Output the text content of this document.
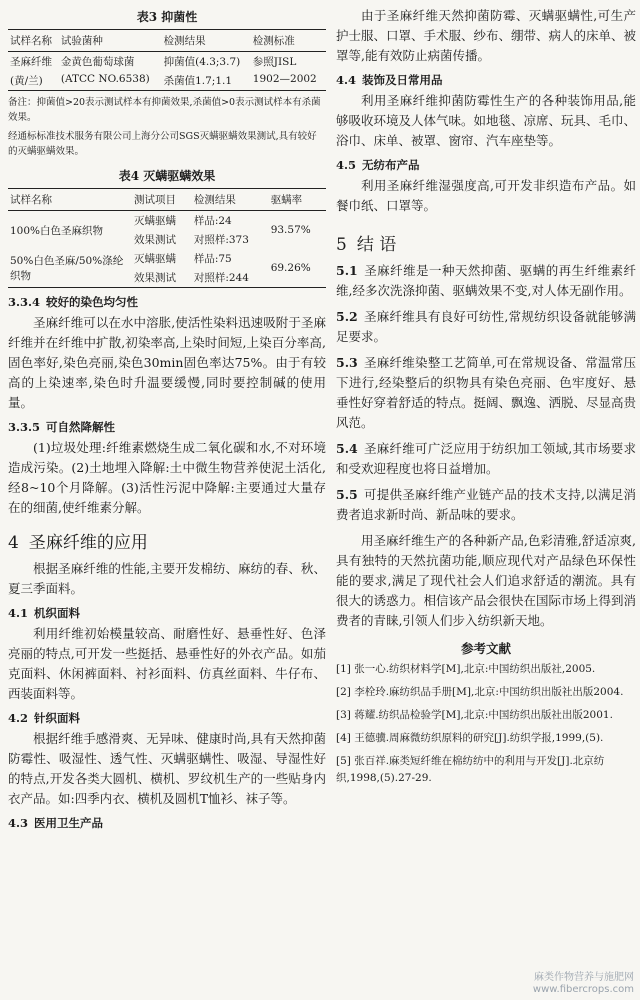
表3 抑菌性
试样名称	试验菌种	检测结果	检测标准
圣麻纤维	金黄色葡萄球菌	抑菌值(4.3;3.7)	参照JISL
(黄/兰)	(ATCC NO.6538)	杀菌值1.7;1.1	1902—2002
备注：抑菌值>20表示测试样本有抑菌效果,杀菌值>0表示测试样本有杀菌效果。
经通标标准技术服务有限公司上海分公司SGS灭螨驱螨效果测试,具有较好的灭螨驱螨效果。
表4 灭螨驱螨效果
试样名称	测试项目	检测结果	驱螨率
100%白色圣麻织物	灭螨驱螨	样品:24	93.57%
	效果测试	对照样:373	
50%白色圣麻/50%涤纶织物	灭螨驱螨	样品:75	69.26%
	效果测试	对照样:244	
3.3.4 较好的染色均匀性

圣麻纤维可以在水中溶胀,使活性染料迅速吸附于圣麻纤维并在纤维中扩散,初染率高,上染时间短,上染百分率高,固色率好,染色亮丽,染色30min固色率达75%。由于有较高的上染速率,染色时升温要缓慢,同时要控制碱的使用量。

3.3.5 可自然降解性

(1)垃圾处理:纤维素燃烧生成二氧化碳和水,不对环境造成污染。(2)土地埋入降解:土中微生物营养使泥土活化,经8~10个月降解。(3)活性污泥中降解:主要通过大量存在的细菌,使纤维素分解。

4 圣麻纤维的应用

根据圣麻纤维的性能,主要开发棉纺、麻纺的春、秋、夏三季面料。

4.1 机织面料

利用纤维初始模量较高、耐磨性好、悬垂性好、色泽亮丽的特点,可开发一些挺括、悬垂性好的外衣产品。如茄克面料、休闲裤面料、衬衫面料、仿真丝面料、牛仔布、西装面料等。

4.2 针织面料

根据纤维手感滑爽、无异味、健康时尚,具有天然抑菌防霉性、吸湿性、透气性、灭螨驱螨性、吸湿、导湿性好的特点,开发各类大圆机、横机、罗纹机生产的一些贴身内衣产品。如:四季内衣、横机及圆机T恤衫、袜子等。

4.3 医用卫生产品

由于圣麻纤维天然抑菌防霉、灭螨驱螨性,可生产护士服、口罩、手术服、纱布、绷带、病人的床单、被罩等,能有效防止病菌传播。

4.4 装饰及日常用品

利用圣麻纤维抑菌防霉性生产的各种装饰用品,能够吸收环境及人体气味。如地毯、凉席、玩具、毛巾、浴巾、床单、被罩、窗帘、汽车座垫等。

4.5 无纺布产品

利用圣麻纤维湿强度高,可开发非织造布产品。如餐巾纸、口罩等。

5 结 语
5.1 圣麻纤维是一种天然抑菌、驱螨的再生纤维素纤维,经多次洗涤抑菌、驱螨效果不变,对人体无副作用。
5.2 圣麻纤维具有良好可纺性,常规纺织设备就能够满足要求。
5.3 圣麻纤维染整工艺简单,可在常规设备、常温常压下进行,经染整后的织物具有染色亮丽、色牢度好、悬垂性好穿着舒适的特点。挺阔、飘逸、洒脱、尽显高贵风范。
5.4 圣麻纤维可广泛应用于纺织加工领域,其市场要求和受欢迎程度也将日益增加。
5.5 可提供圣麻纤维产业链产品的技术支持,以满足消费者追求新时尚、新品味的要求。

用圣麻纤维生产的各种新产品,色彩清雅,舒适凉爽,具有独特的天然抗菌功能,顺应现代对产品绿色环保性能的要求,满足了现代社会人们追求舒适的潮流。具有很大的诱惑力。相信该产品会很快在国际市场上得到消费者的青睐,引领人们步入纺织新天地。

参考文献
[1] 张一心.纺织材料学[M],北京:中国纺织出版社,2005.
[2] 李栓玲.麻纺织品手册[M],北京:中国纺织出版社出版2004.
[3] 蒋耀.纺织品检验学[M],北京:中国纺织出版社出版2001.
[4] 王德骥.周麻微纺织原料的研究[J].纺织学报,1999,(5).
[5] 张百祥.麻类短纤维在棉纺纺中的利用与开发[J].北京纺织,1998,(5).27-29.
麻类作物营养与施肥网
www.fibercrops.com
